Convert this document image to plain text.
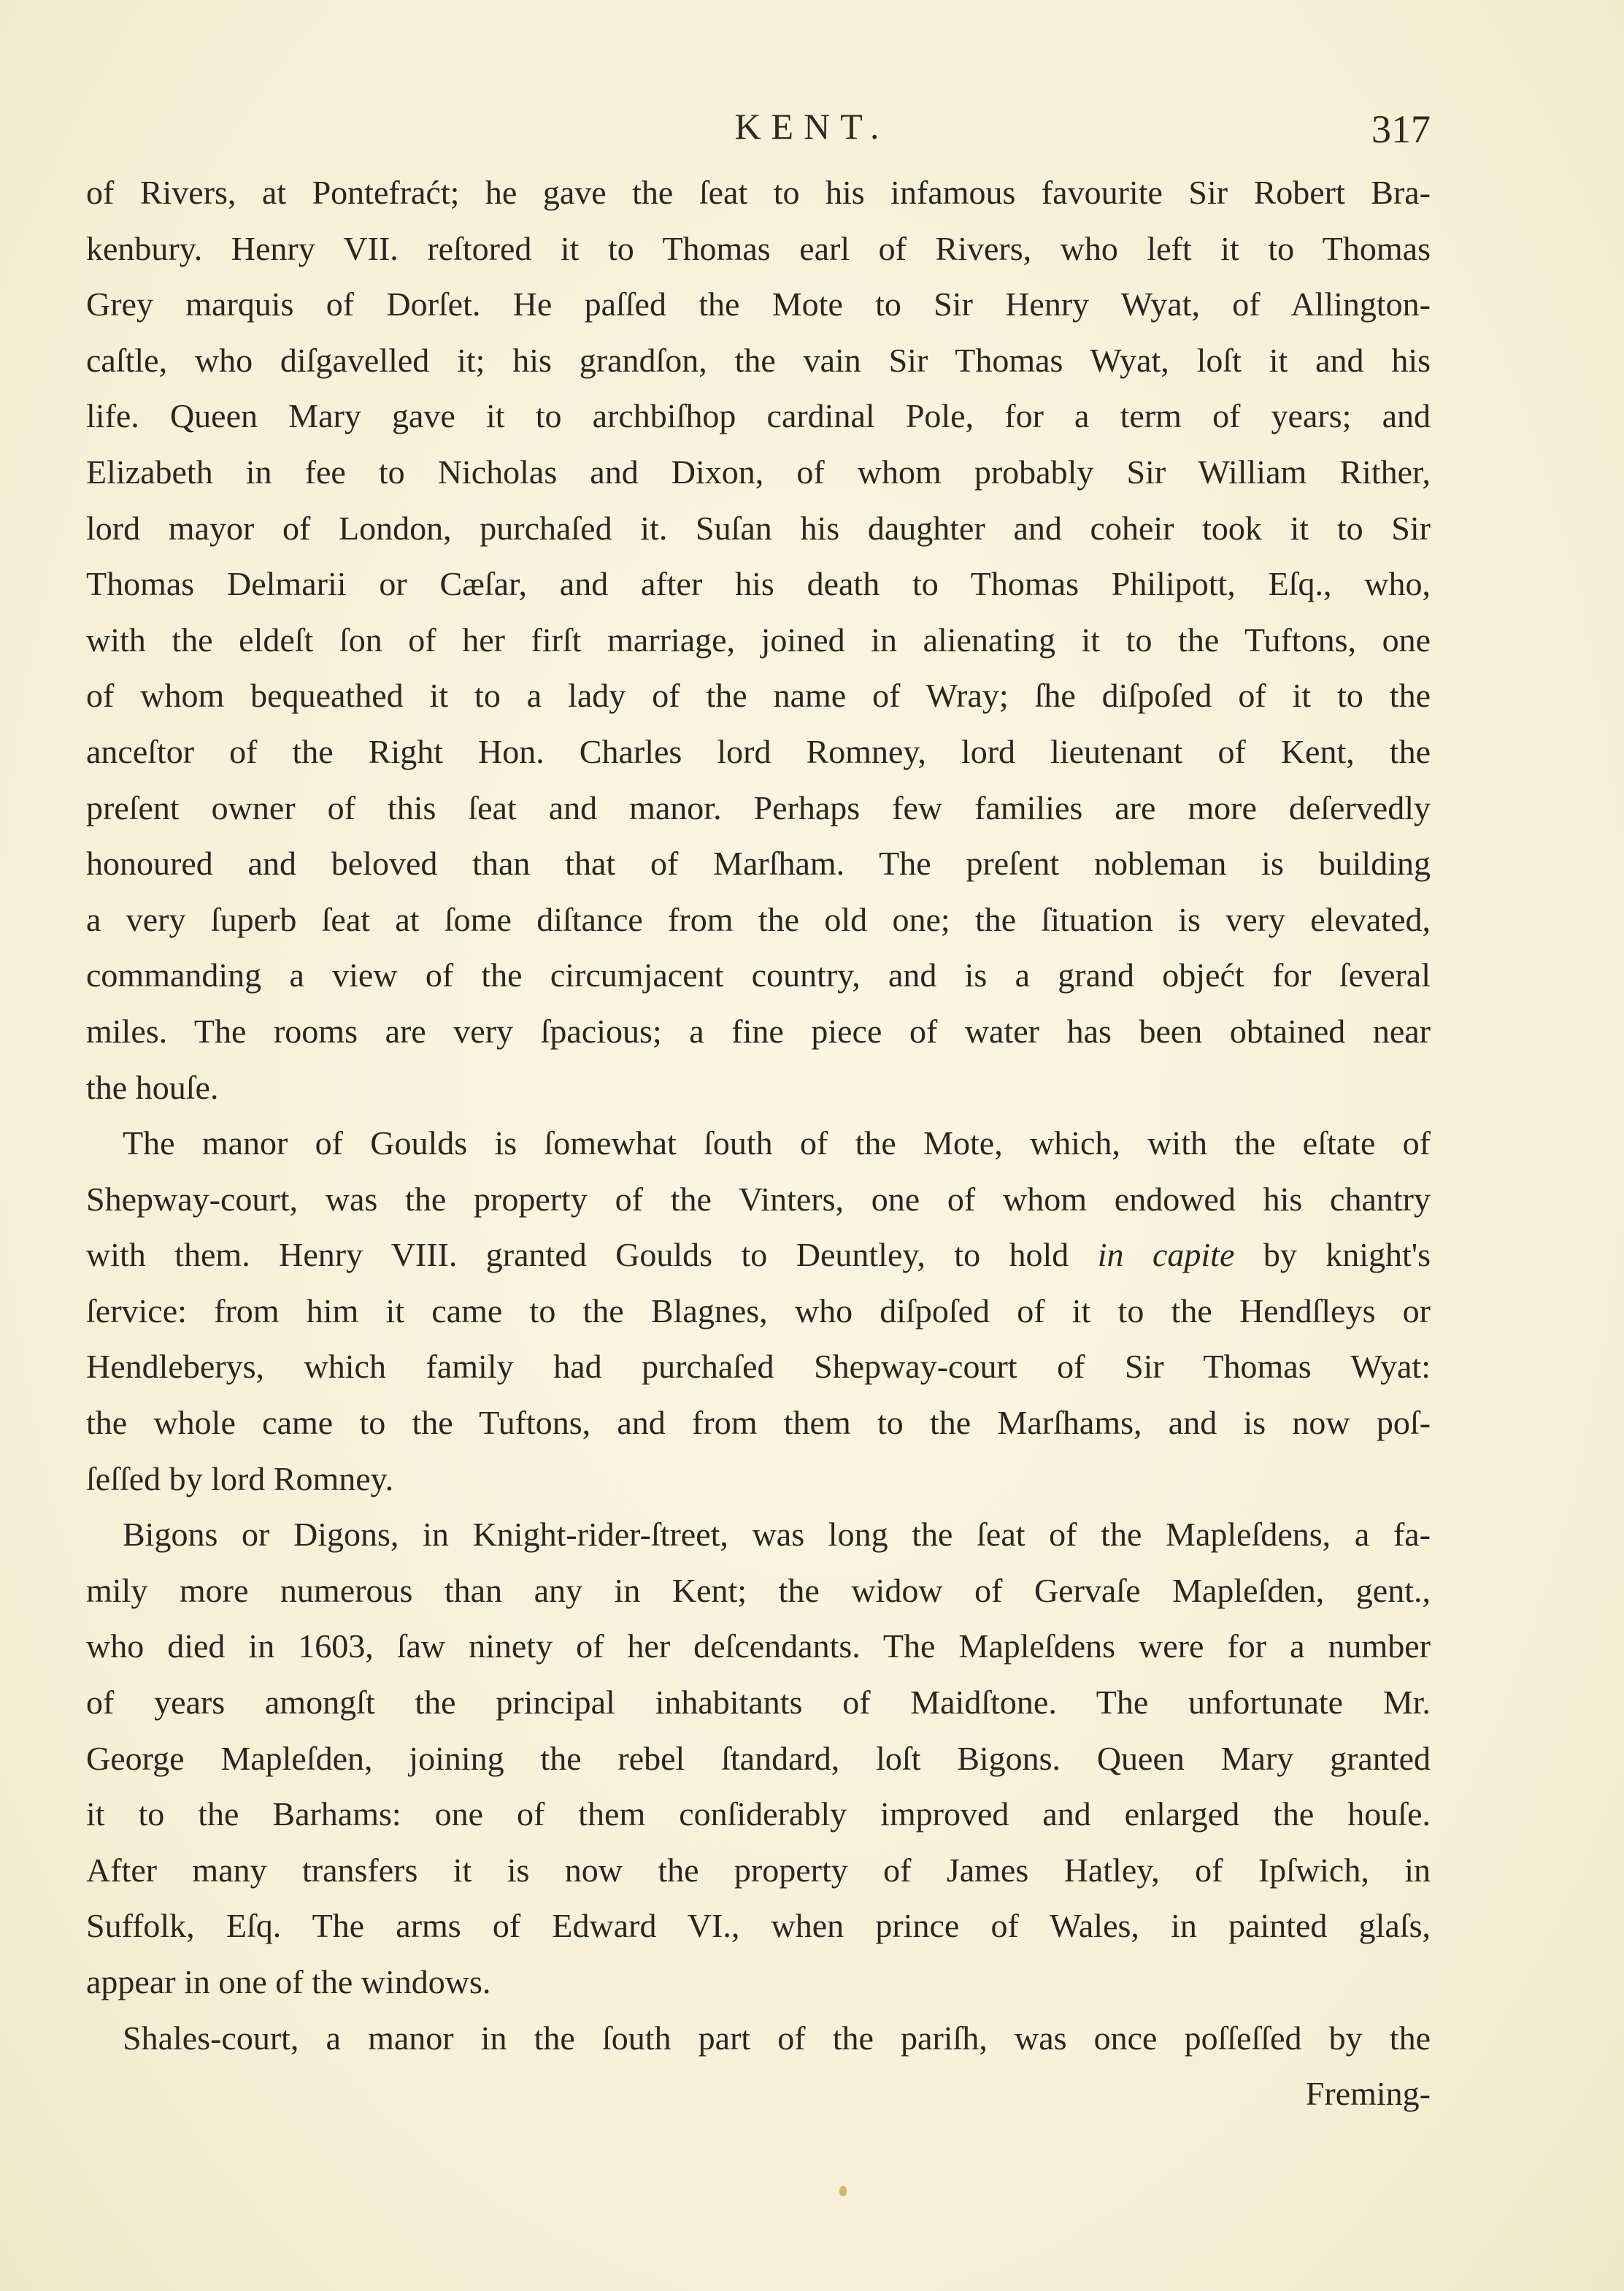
KENT.	317
of Rivers, at Pontefraćt; he gave the ſeat to his infamous favourite Sir Robert Bra-
kenbury. Henry VII. reſtored it to Thomas earl of Rivers, who left it to Thomas
Grey marquis of Dorſet. He paſſed the Mote to Sir Henry Wyat, of Allington-
caſtle, who diſgavelled it; his grandſon, the vain Sir Thomas Wyat, loſt it and his
life. Queen Mary gave it to archbiſhop cardinal Pole, for a term of years; and
Elizabeth in fee to Nicholas and Dixon, of whom probably Sir William Rither,
lord mayor of London, purchaſed it. Suſan his daughter and coheir took it to Sir
Thomas Delmarii or Cæſar, and after his death to Thomas Philipott, Eſq., who,
with the eldeſt ſon of her firſt marriage, joined in alienating it to the Tuftons, one
of whom bequeathed it to a lady of the name of Wray; ſhe diſpoſed of it to the
anceſtor of the Right Hon. Charles lord Romney, lord lieutenant of Kent, the
preſent owner of this ſeat and manor. Perhaps few families are more deſervedly
honoured and beloved than that of Marſham. The preſent nobleman is building
a very ſuperb ſeat at ſome diſtance from the old one; the ſituation is very elevated,
commanding a view of the circumjacent country, and is a grand objećt for ſeveral
miles. The rooms are very ſpacious; a fine piece of water has been obtained near
the houſe.
The manor of Goulds is ſomewhat ſouth of the Mote, which, with the eſtate of
Shepway-court, was the property of the Vinters, one of whom endowed his chantry
with them. Henry VIII. granted Goulds to Deuntley, to hold in capite by knight's
ſervice: from him it came to the Blagnes, who diſpoſed of it to the Hendſleys or
Hendleberys, which family had purchaſed Shepway-court of Sir Thomas Wyat:
the whole came to the Tuftons, and from them to the Marſhams, and is now poſ-
ſeſſed by lord Romney.
Bigons or Digons, in Knight-rider-ſtreet, was long the ſeat of the Mapleſdens, a fa-
mily more numerous than any in Kent; the widow of Gervaſe Mapleſden, gent.,
who died in 1603, ſaw ninety of her deſcendants. The Mapleſdens were for a number
of years amongſt the principal inhabitants of Maidſtone. The unfortunate Mr.
George Mapleſden, joining the rebel ſtandard, loſt Bigons. Queen Mary granted
it to the Barhams: one of them conſiderably improved and enlarged the houſe.
After many transfers it is now the property of James Hatley, of Ipſwich, in
Suffolk, Eſq. The arms of Edward VI., when prince of Wales, in painted glaſs,
appear in one of the windows.
Shales-court, a manor in the ſouth part of the pariſh, was once poſſeſſed by the
Freming-
